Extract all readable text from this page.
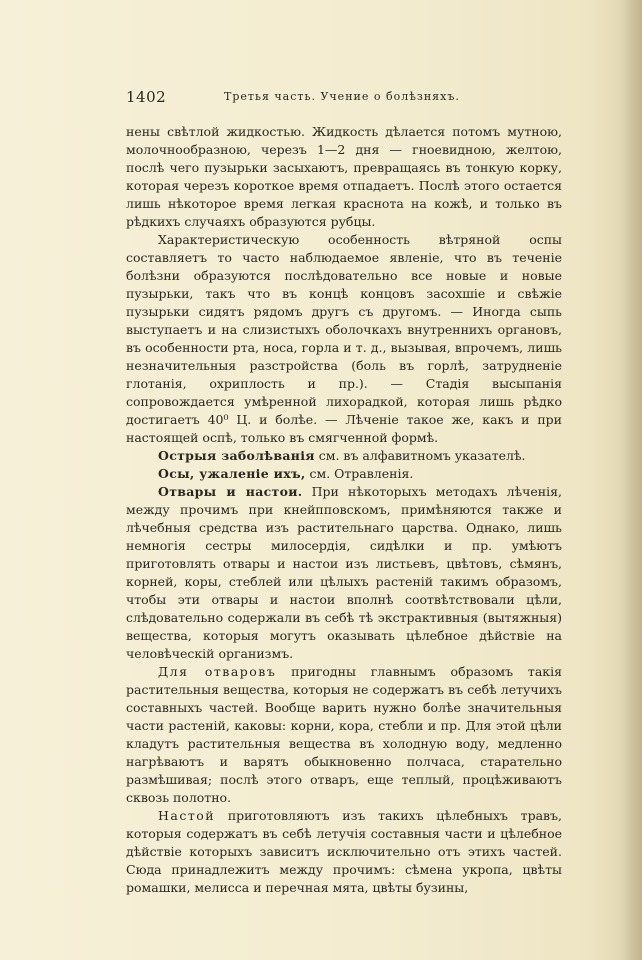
1402	Третья часть. Учение о болѣзняхъ.

нены свѣтлой жидкостью. Жидкость дѣлается потомъ мутною, молочнообразною, черезъ 1—2 дня — гноевидною, желтою, послѣ чего пузырьки засыхаютъ, превращаясь въ тонкую корку, которая черезъ короткое время отпадаетъ. Послѣ этого остается лишь нѣкоторое время легкая краснота на кожѣ, и только въ рѣдкихъ случаяхъ образуются рубцы.

Характеристическую особенность вѣтряной оспы составляетъ то часто наблюдаемое явленіе, что въ теченіе болѣзни образуются послѣдовательно все новые и новые пузырьки, такъ что въ концѣ концовъ засохшіе и свѣжіе пузырьки сидятъ рядомъ другъ съ другомъ. — Иногда сыпь выступаетъ и на слизистыхъ оболочкахъ внутреннихъ органовъ, въ особенности рта, носа, горла и т. д., вызывая, впрочемъ, лишь незначительныя разстройства (боль въ горлѣ, затрудненіе глотанія, охриплость и пр.). — Стадія высыпанія сопровождается умѣренной лихорадкой, которая лишь рѣдко достигаетъ 40⁰ Ц. и болѣе. — Лѣченіе такое же, какъ и при настоящей оспѣ, только въ смягченной формѣ.

Острыя заболѣванія см. въ алфавитномъ указателѣ.

Осы, ужаленіе ихъ, см. Отравленія.

Отвары и настои. При нѣкоторыхъ методахъ лѣченія, между прочимъ при кнейпповскомъ, примѣняются также и лѣчебныя средства изъ растительнаго царства. Однако, лишь немногія сестры милосердія, сидѣлки и пр. умѣютъ приготовлять отвары и настои изъ листьевъ, цвѣтовъ, сѣмянъ, корней, коры, стеблей или цѣлыхъ растеній такимъ образомъ, чтобы эти отвары и настои вполнѣ соотвѣтствовали цѣли, слѣдовательно содержали въ себѣ тѣ экстрактивныя (вытяжныя) вещества, которыя могутъ оказывать цѣлебное дѣйствіе на человѣческій организмъ.

Для отваровъ пригодны главнымъ образомъ такія растительныя вещества, которыя не содержатъ въ себѣ летучихъ составныхъ частей. Вообще варить нужно болѣе значительныя части растеній, каковы: корни, кора, стебли и пр. Для этой цѣли кладутъ растительныя вещества въ холодную воду, медленно нагрѣваютъ и варятъ обыкновенно полчаса, старательно размѣшивая; послѣ этого отваръ, еще теплый, процѣживаютъ сквозь полотно.

Настой приготовляютъ изъ такихъ цѣлебныхъ травъ, которыя содержатъ въ себѣ летучія составныя части и цѣлебное дѣйствіе которыхъ зависитъ исключительно отъ этихъ частей. Сюда принадлежитъ между прочимъ: сѣмена укропа, цвѣты ромашки, мелисса и перечная мята, цвѣты бузины,
